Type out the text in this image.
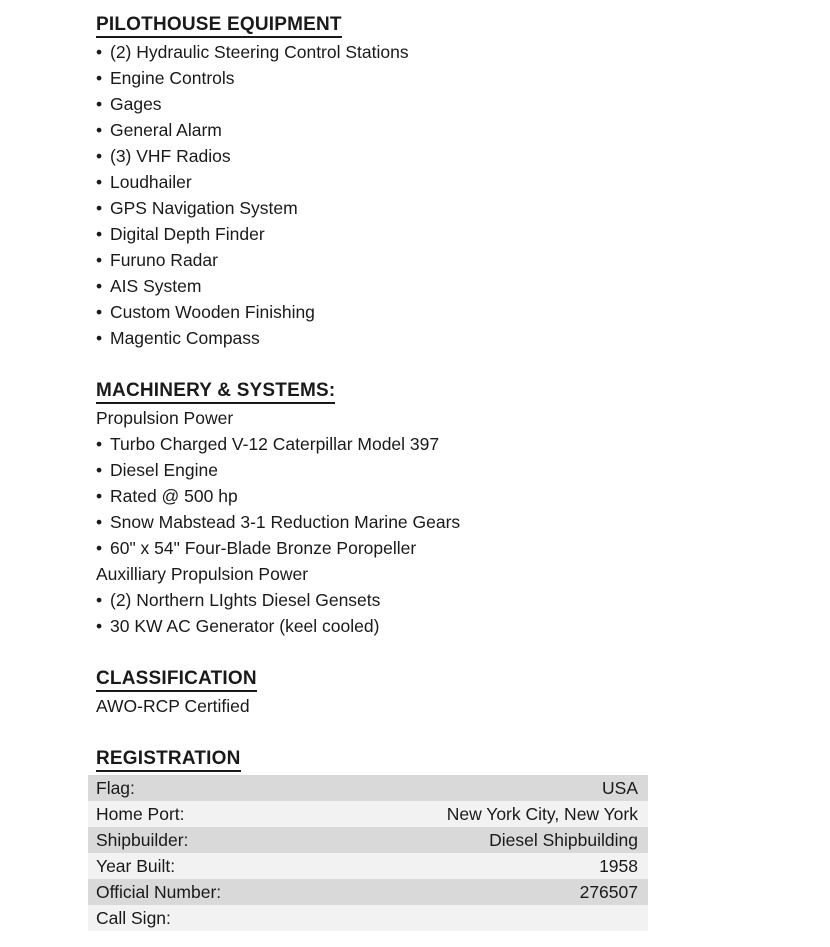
PILOTHOUSE EQUIPMENT
• (2) Hydraulic Steering Control Stations
• Engine Controls
• Gages
• General Alarm
• (3) VHF Radios
• Loudhailer
• GPS Navigation System
• Digital Depth Finder
• Furuno Radar
• AIS System
• Custom Wooden Finishing
• Magentic Compass
MACHINERY & SYSTEMS:
Propulsion Power
• Turbo Charged V-12 Caterpillar Model 397
• Diesel Engine
• Rated @ 500 hp
• Snow Mabstead 3-1 Reduction Marine Gears
• 60" x 54" Four-Blade Bronze Poropeller
Auxilliary Propulsion Power
• (2) Northern LIghts Diesel Gensets
• 30 KW AC Generator (keel cooled)
CLASSIFICATION
AWO-RCP Certified
REGISTRATION
Flag:	USA
Home Port:	New York City, New York
Shipbuilder:	Diesel Shipbuilding
Year Built:	1958
Official Number:	276507
Call Sign:
